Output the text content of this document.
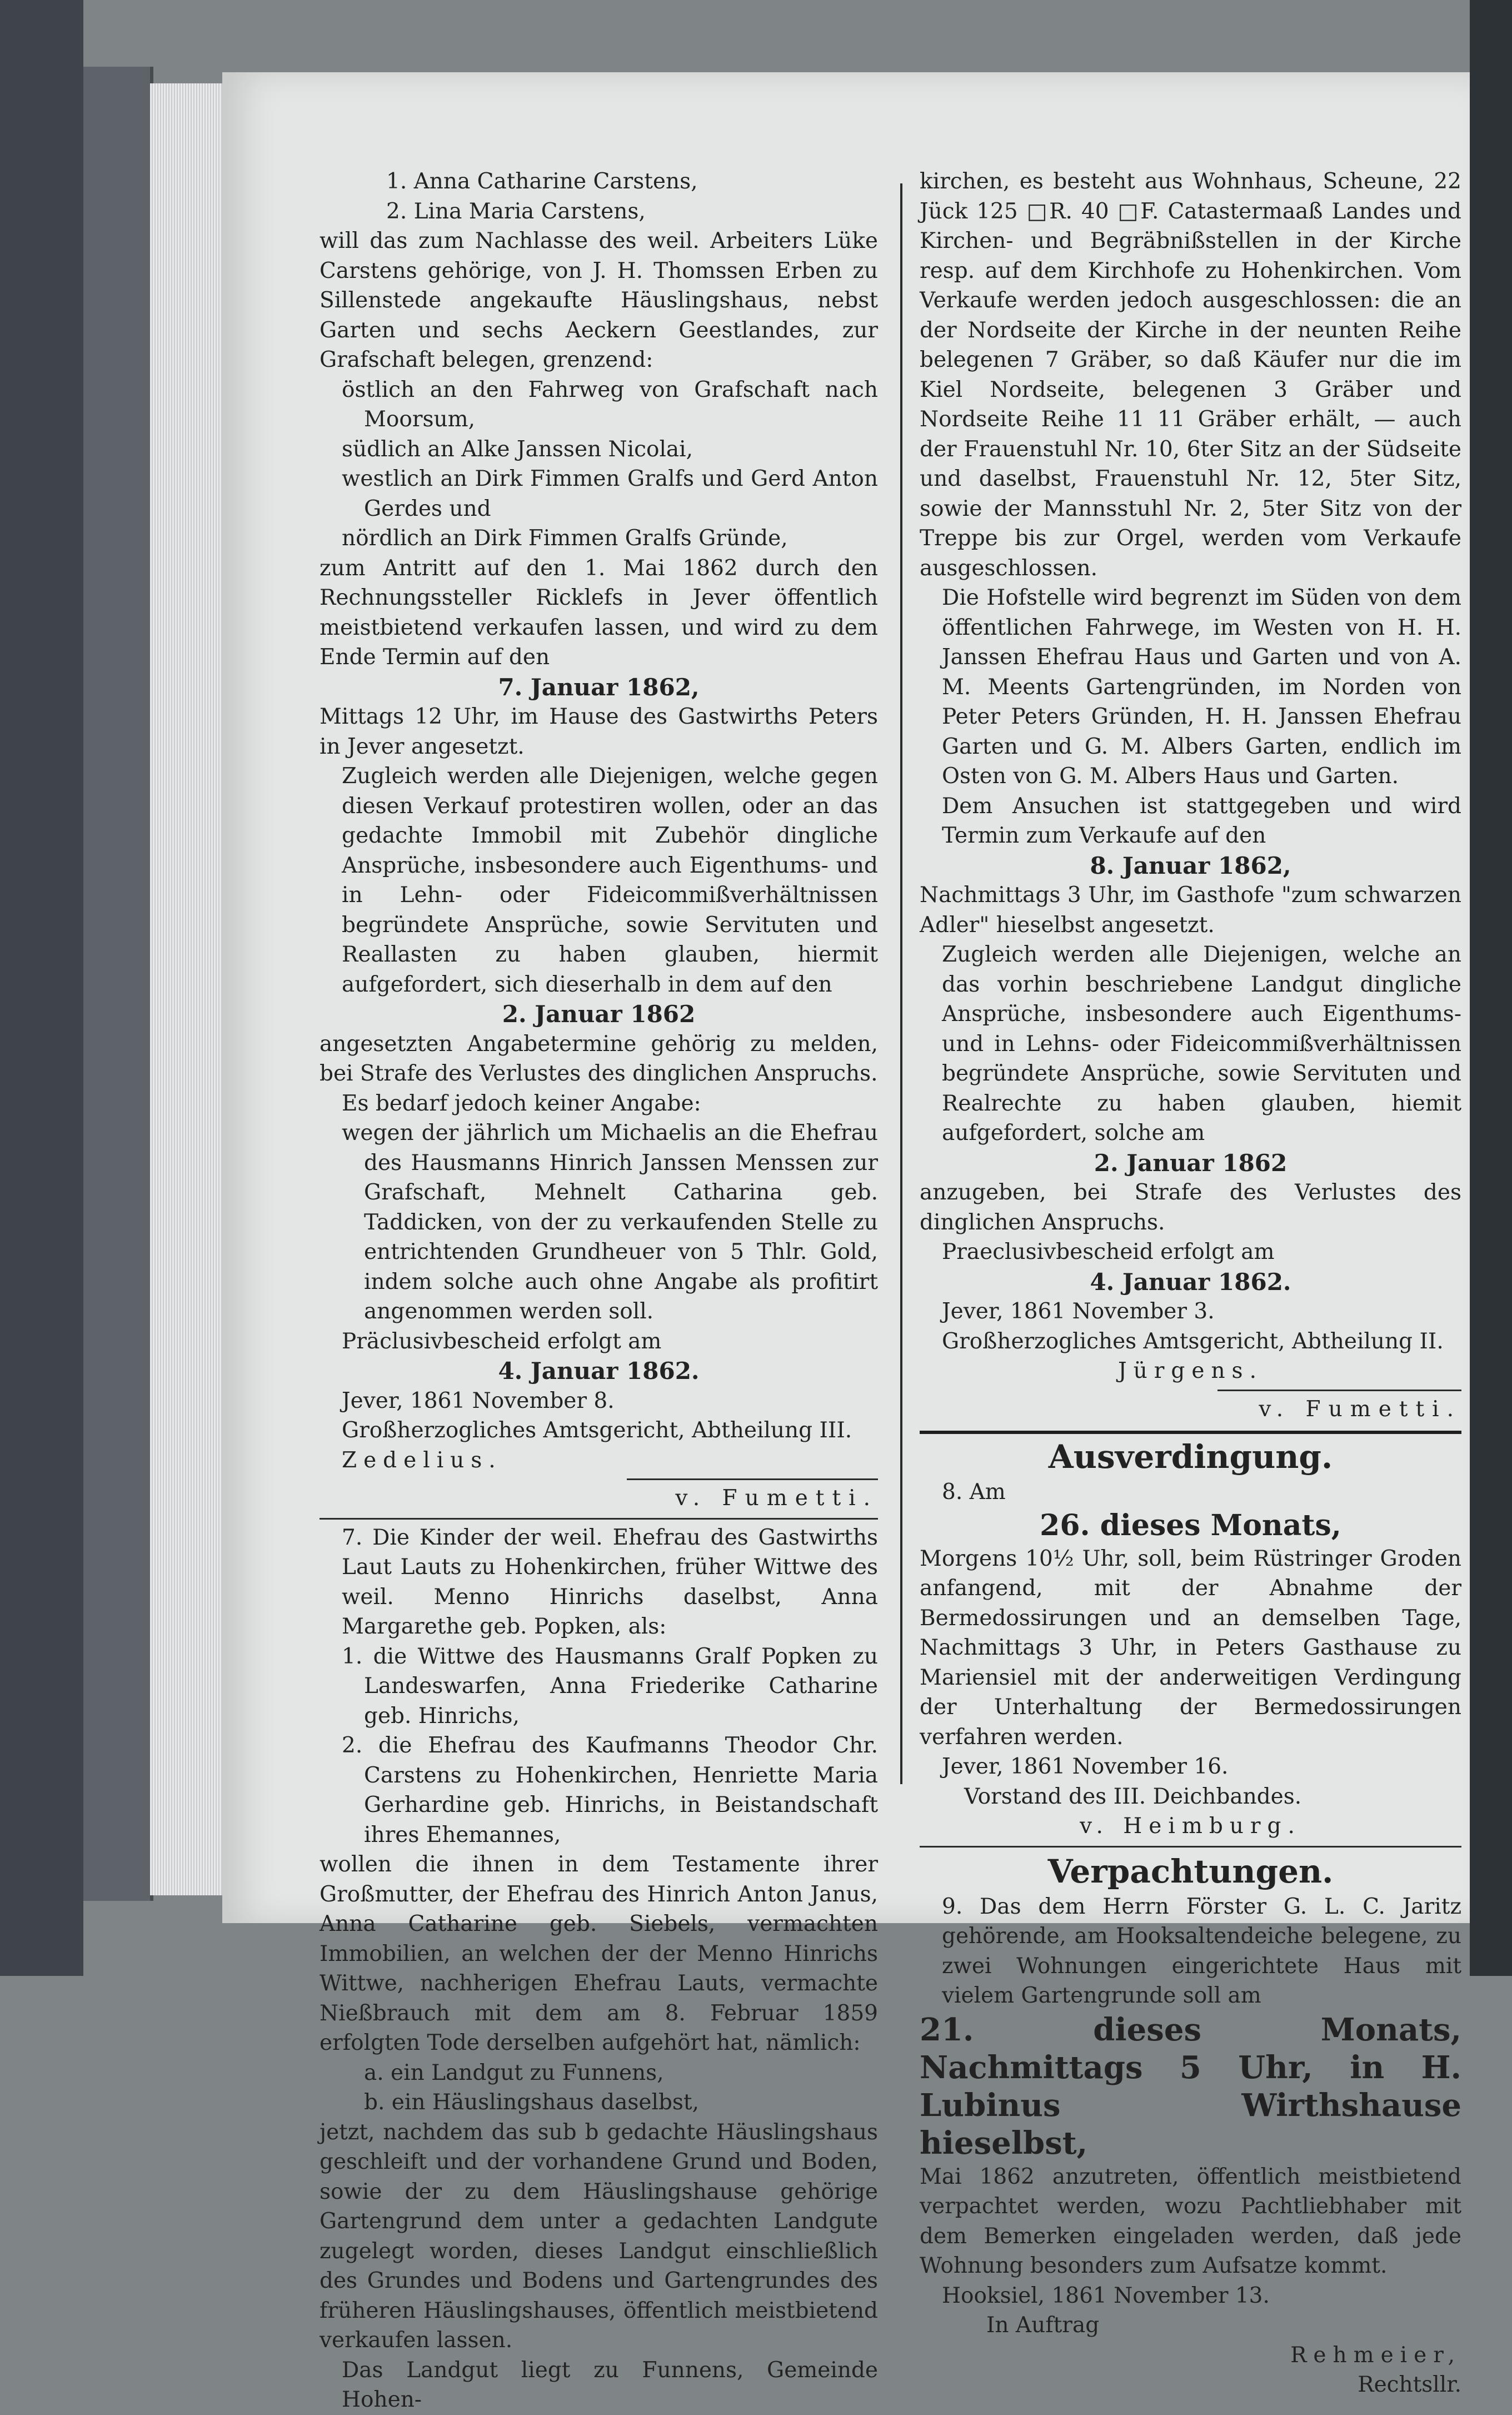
1. Anna Catharine Carstens,

2. Lina Maria Carstens,

will das zum Nachlasse des weil. Arbeiters Lüke Carstens gehörige, von J. H. Thomssen Erben zu Sillenstede angekaufte Häuslingshaus, nebst Garten und sechs Aeckern Geestlandes, zur Grafschaft belegen, grenzend:

östlich an den Fahrweg von Grafschaft nach Moorsum,

südlich an Alke Janssen Nicolai,

westlich an Dirk Fimmen Gralfs und Gerd Anton Gerdes und

nördlich an Dirk Fimmen Gralfs Gründe,

zum Antritt auf den 1. Mai 1862 durch den Rechnungssteller Ricklefs in Jever öffentlich meistbietend verkaufen lassen, und wird zu dem Ende Termin auf den

7. Januar 1862,

Mittags 12 Uhr, im Hause des Gastwirths Peters in Jever angesetzt.

Zugleich werden alle Diejenigen, welche gegen diesen Verkauf protestiren wollen, oder an das gedachte Immobil mit Zubehör dingliche Ansprüche, insbesondere auch Eigenthums- und in Lehn- oder Fideicommißverhältnissen begründete Ansprüche, sowie Servituten und Reallasten zu haben glauben, hiermit aufgefordert, sich dieserhalb in dem auf den

2. Januar 1862

angesetzten Angabetermine gehörig zu melden, bei Strafe des Verlustes des dinglichen Anspruchs.

Es bedarf jedoch keiner Angabe:

wegen der jährlich um Michaelis an die Ehefrau des Hausmanns Hinrich Janssen Menssen zur Grafschaft, Mehnelt Catharina geb. Taddicken, von der zu verkaufenden Stelle zu entrichtenden Grundheuer von 5 Thlr. Gold, indem solche auch ohne Angabe als profitirt angenommen werden soll.

Präclusivbescheid erfolgt am

4. Januar 1862.

Jever, 1861 November 8.

Großherzogliches Amtsgericht, Abtheilung III.

Zedelius.

v. Fumetti.

7. Die Kinder der weil. Ehefrau des Gastwirths Laut Lauts zu Hohenkirchen, früher Wittwe des weil. Menno Hinrichs daselbst, Anna Margarethe geb. Popken, als:

1. die Wittwe des Hausmanns Gralf Popken zu Landeswarfen, Anna Friederike Catharine geb. Hinrichs,

2. die Ehefrau des Kaufmanns Theodor Chr. Carstens zu Hohenkirchen, Henriette Maria Gerhardine geb. Hinrichs, in Beistandschaft ihres Ehemannes,

wollen die ihnen in dem Testamente ihrer Großmutter, der Ehefrau des Hinrich Anton Janus, Anna Catharine geb. Siebels, vermachten Immobilien, an welchen der der Menno Hinrichs Wittwe, nachherigen Ehefrau Lauts, vermachte Nießbrauch mit dem am 8. Februar 1859 erfolgten Tode derselben aufgehört hat, nämlich:

a. ein Landgut zu Funnens,

b. ein Häuslingshaus daselbst,

jetzt, nachdem das sub b gedachte Häuslingshaus geschleift und der vorhandene Grund und Boden, sowie der zu dem Häuslingshause gehörige Gartengrund dem unter a gedachten Landgute zugelegt worden, dieses Landgut einschließlich des Grundes und Bodens und Gartengrundes des früheren Häuslingshauses, öffentlich meistbietend verkaufen lassen.

Das Landgut liegt zu Funnens, Gemeinde Hohen-

kirchen, es besteht aus Wohnhaus, Scheune, 22 Jück 125 □R. 40 □F. Catastermaaß Landes und Kirchen- und Begräbnißstellen in der Kirche resp. auf dem Kirchhofe zu Hohenkirchen. Vom Verkaufe werden jedoch ausgeschlossen: die an der Nordseite der Kirche in der neunten Reihe belegenen 7 Gräber, so daß Käufer nur die im Kiel Nordseite, belegenen 3 Gräber und Nordseite Reihe 11 11 Gräber erhält, — auch der Frauenstuhl Nr. 10, 6ter Sitz an der Südseite und daselbst, Frauenstuhl Nr. 12, 5ter Sitz, sowie der Mannsstuhl Nr. 2, 5ter Sitz von der Treppe bis zur Orgel, werden vom Verkaufe ausgeschlossen.

Die Hofstelle wird begrenzt im Süden von dem öffentlichen Fahrwege, im Westen von H. H. Janssen Ehefrau Haus und Garten und von A. M. Meents Gartengründen, im Norden von Peter Peters Gründen, H. H. Janssen Ehefrau Garten und G. M. Albers Garten, endlich im Osten von G. M. Albers Haus und Garten.

Dem Ansuchen ist stattgegeben und wird Termin zum Verkaufe auf den

8. Januar 1862,

Nachmittags 3 Uhr, im Gasthofe "zum schwarzen Adler" hieselbst angesetzt.

Zugleich werden alle Diejenigen, welche an das vorhin beschriebene Landgut dingliche Ansprüche, insbesondere auch Eigenthums- und in Lehns- oder Fideicommißverhältnissen begründete Ansprüche, sowie Servituten und Realrechte zu haben glauben, hiemit aufgefordert, solche am

2. Januar 1862

anzugeben, bei Strafe des Verlustes des dinglichen Anspruchs.

Praeclusivbescheid erfolgt am

4. Januar 1862.

Jever, 1861 November 3.

Großherzogliches Amtsgericht, Abtheilung II.

Jürgens.

v. Fumetti.

Ausverdingung.

8. Am

26. dieses Monats,

Morgens 10½ Uhr, soll, beim Rüstringer Groden anfangend, mit der Abnahme der Bermedossirungen und an demselben Tage, Nachmittags 3 Uhr, in Peters Gasthause zu Mariensiel mit der anderweitigen Verdingung der Unterhaltung der Bermedossirungen verfahren werden.

Jever, 1861 November 16.

Vorstand des III. Deichbandes.

v. Heimburg.

Verpachtungen.

9. Das dem Herrn Förster G. L. C. Jaritz gehörende, am Hooksaltendeiche belegene, zu zwei Wohnungen eingerichtete Haus mit vielem Gartengrunde soll am

21. dieses Monats, Nachmittags 5 Uhr, in H. Lubinus Wirthshause hieselbst,

Mai 1862 anzutreten, öffentlich meistbietend verpachtet werden, wozu Pachtliebhaber mit dem Bemerken eingeladen werden, daß jede Wohnung besonders zum Aufsatze kommt.

Hooksiel, 1861 November 13.

In Auftrag

Rehmeier,

Rechtsllr.
